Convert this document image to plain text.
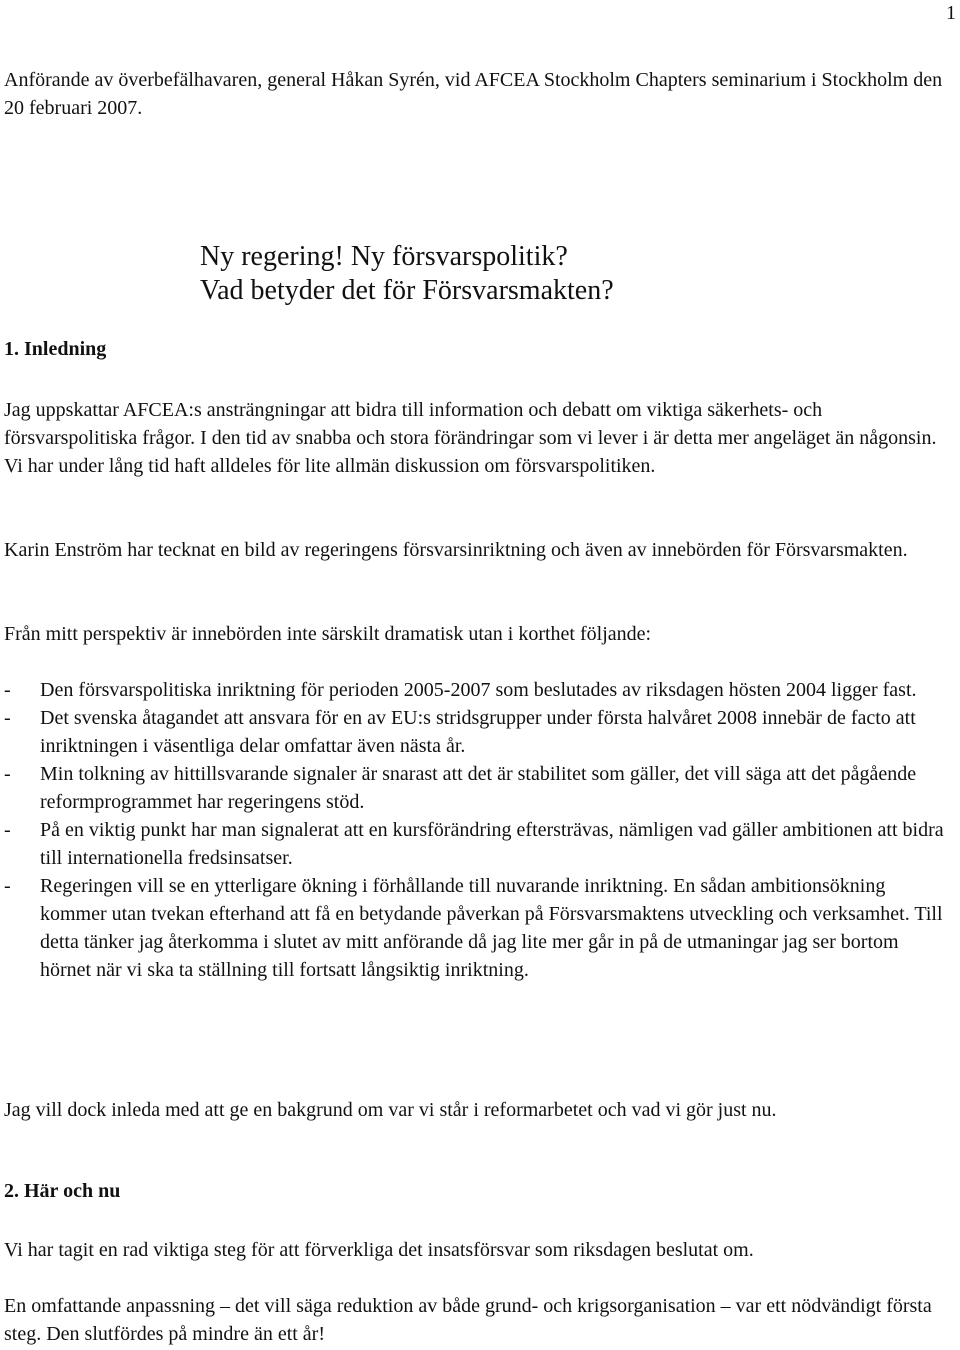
1
Anförande av överbefälhavaren, general Håkan Syrén, vid AFCEA Stockholm Chapters seminarium i Stockholm den 20 februari 2007.
Ny regering! Ny försvarspolitik?
Vad betyder det för Försvarsmakten?
1. Inledning
Jag uppskattar AFCEA:s ansträngningar att bidra till information och debatt om viktiga säkerhets- och försvarspolitiska frågor. I den tid av snabba och stora förändringar som vi lever i är detta mer angeläget än någonsin. Vi har under lång tid haft alldeles för lite allmän diskussion om försvarspolitiken.
Karin Enström har tecknat en bild av regeringens försvarsinriktning och även av innebörden för Försvarsmakten.
Från mitt perspektiv är innebörden inte särskilt dramatisk utan i korthet följande:
- Den försvarspolitiska inriktning för perioden 2005-2007 som beslutades av riksdagen hösten 2004 ligger fast.
- Det svenska åtagandet att ansvara för en av EU:s stridsgrupper under första halvåret 2008 innebär de facto att inriktningen i väsentliga delar omfattar även nästa år.
- Min tolkning av hittillsvarande signaler är snarast att det är stabilitet som gäller, det vill säga att det pågående reformprogrammet har regeringens stöd.
- På en viktig punkt har man signalerat att en kursförändring eftersträvas, nämligen vad gäller ambitionen att bidra till internationella fredsinsatser.
- Regeringen vill se en ytterligare ökning i förhållande till nuvarande inriktning. En sådan ambitionsökning kommer utan tvekan efterhand att få en betydande påverkan på Försvarsmaktens utveckling och verksamhet. Till detta tänker jag återkomma i slutet av mitt anförande då jag lite mer går in på de utmaningar jag ser bortom hörnet när vi ska ta ställning till fortsatt långsiktig inriktning.
Jag vill dock inleda med att ge en bakgrund om var vi står i reformarbetet och vad vi gör just nu.
2. Här och nu
Vi har tagit en rad viktiga steg för att förverkliga det insatsförsvar som riksdagen beslutat om.
En omfattande anpassning – det vill säga reduktion av både grund- och krigsorganisation – var ett nödvändigt första steg. Den slutfördes på mindre än ett år!
